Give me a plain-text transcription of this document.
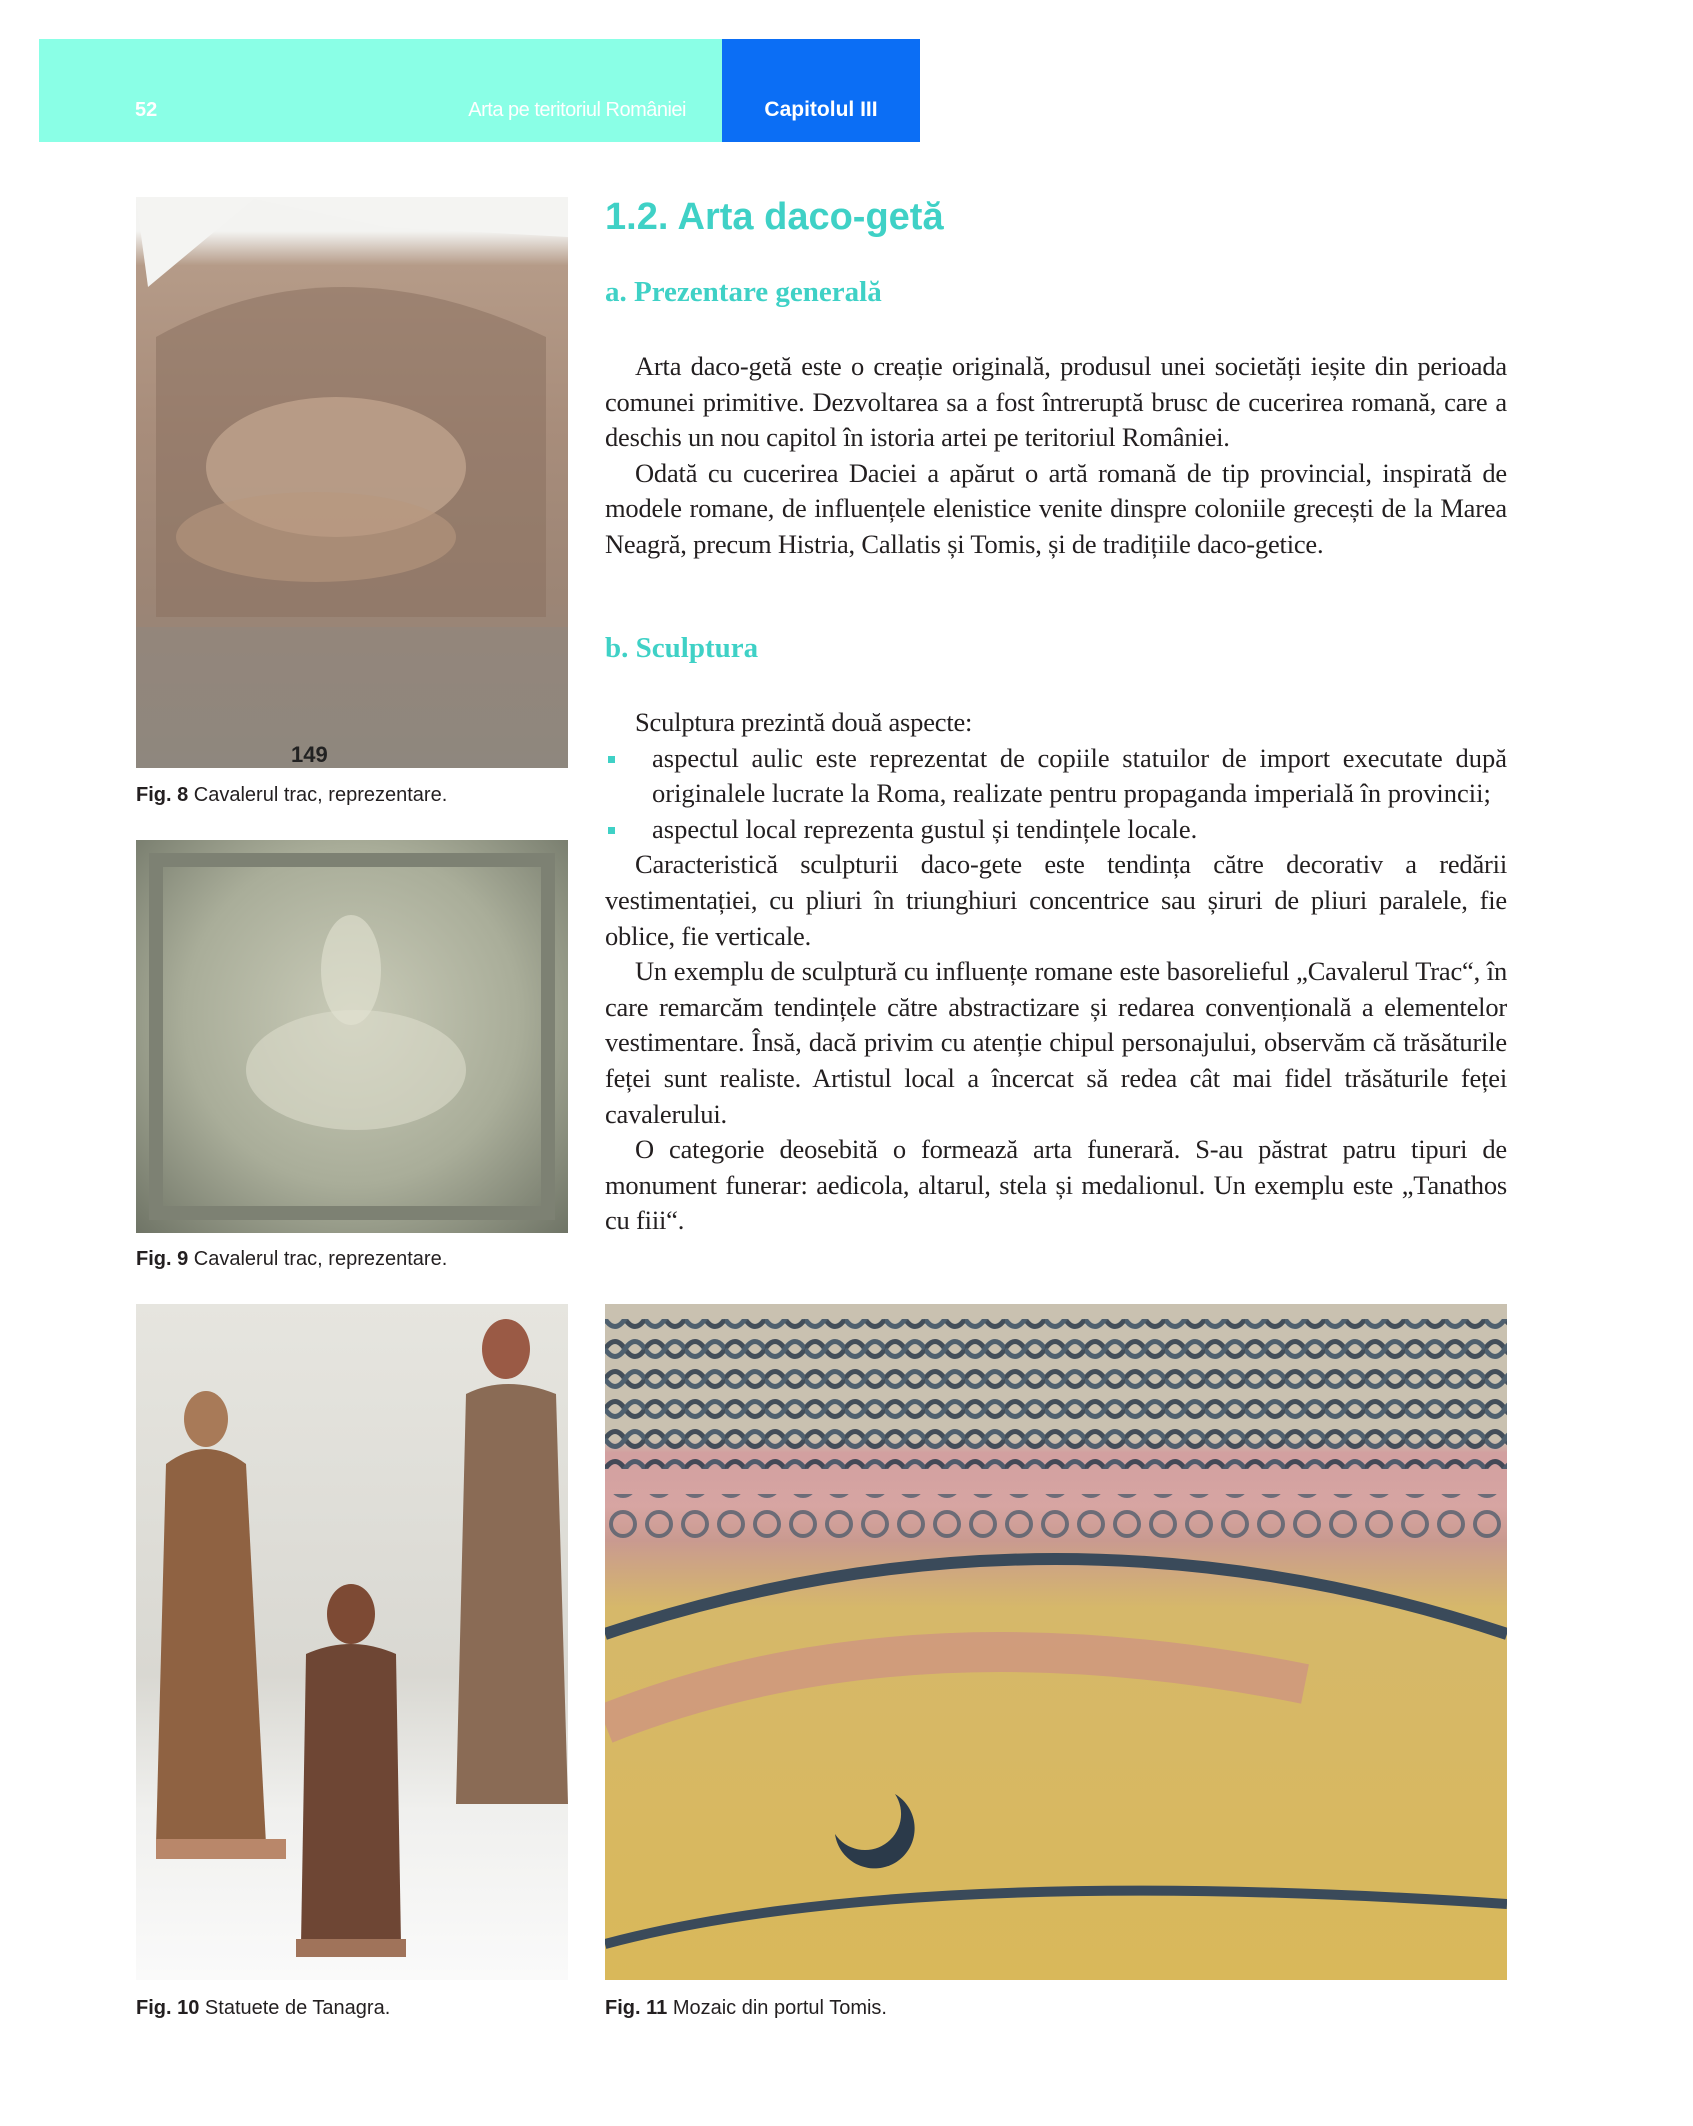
52	Arta pe teritoriul României	Capitolul III
149
Fig. 8 Cavalerul trac, reprezentare.
Fig. 9 Cavalerul trac, reprezentare.
Fig. 10 Statuete de Tanagra.	Fig. 11 Mozaic din portul Tomis.
1.2. Arta daco-getă
a. Prezentare generală

Arta daco-getă este o creație originală, produsul unei societăți ieșite din perioada comunei primitive. Dezvoltarea sa a fost întreruptă brusc de cucerirea romană, care a deschis un nou capitol în istoria artei pe teritoriul României.

Odată cu cucerirea Daciei a apărut o artă romană de tip provincial, inspirată de modele romane, de influențele elenistice venite dinspre coloniile grecești de la Marea Neagră, precum Histria, Callatis și Tomis, și de tradițiile daco-getice.

b. Sculptura

Sculptura prezintă două aspecte:

aspectul aulic este reprezentat de copiile statuilor de import executate după originalele lucrate la Roma, realizate pentru propaganda imperială în provincii;
aspectul local reprezenta gustul și tendințele locale.

Caracteristică sculpturii daco-gete este tendința către decorativ a redării vestimentației, cu pliuri în triunghiuri concentrice sau șiruri de pliuri paralele, fie oblice, fie verticale.

Un exemplu de sculptură cu influențe romane este basorelieful „Cavalerul Trac“, în care remarcăm tendințele către abstractizare și redarea convențională a elementelor vestimentare. Însă, dacă privim cu atenție chipul personajului, observăm că trăsăturile feței sunt realiste. Artistul local a încercat să redea cât mai fidel trăsăturile feței cavalerului.

O categorie deosebită o formează arta funerară. S-au păstrat patru tipuri de monument funerar: aedicola, altarul, stela și medalionul. Un exemplu este „Tanathos cu fiii“.
